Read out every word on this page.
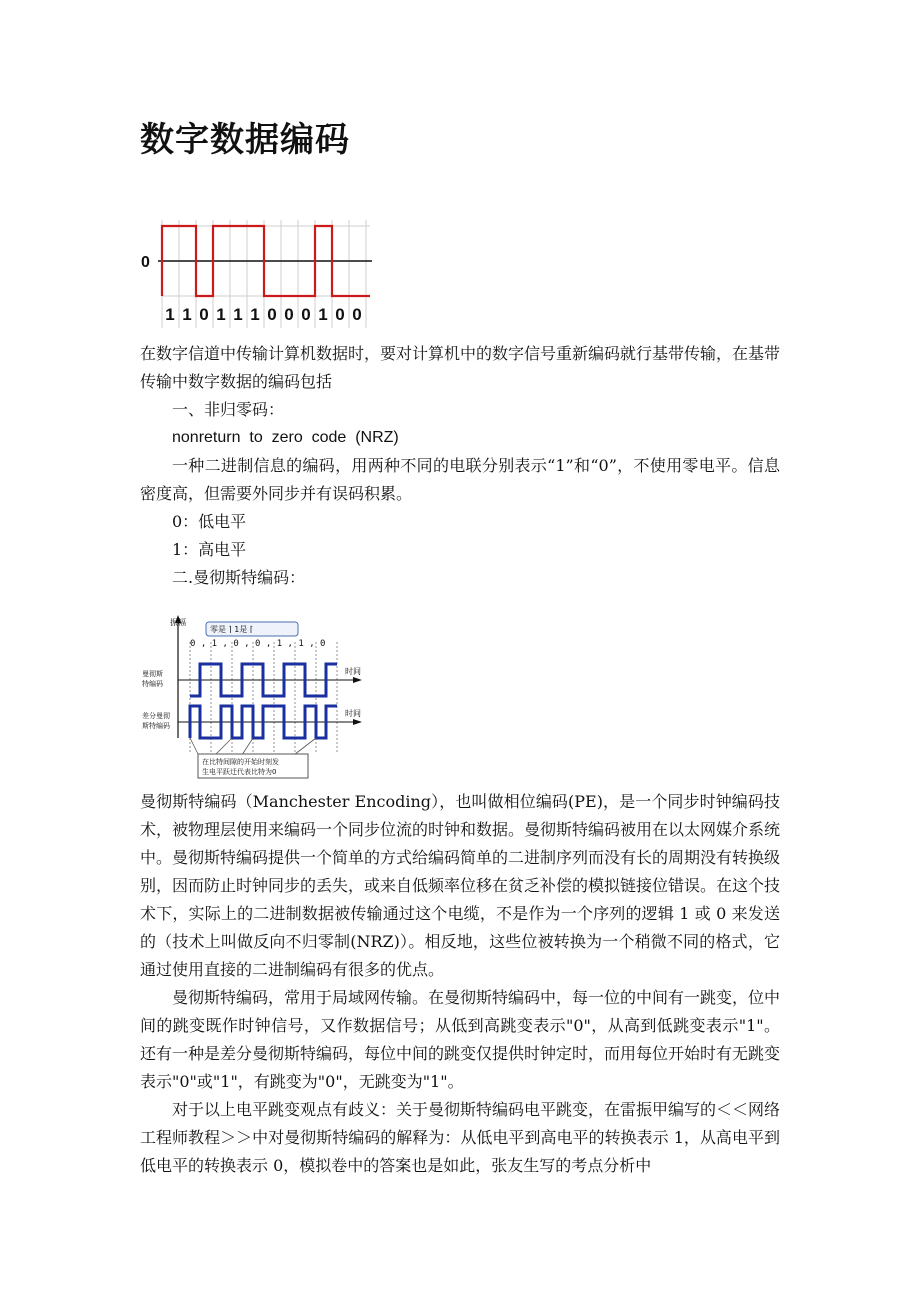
数字数据编码
0
1 1 0 1 1 1 0 0 0 1 0 0

在数字信道中传输计算机数据时，要对计算机中的数字信号重新编码就行基带传输，在基带传输中数字数据的编码包括

一、非归零码：
nonreturn  to  zero  code  (NRZ)

一种二进制信息的编码，用两种不同的电联分别表示“1”和“0”，不使用零电平。信息密度高，但需要外同步并有误码积累。

0：低电平
1：高电平
二.曼彻斯特编码：
振幅
零是 ⌉ 1是 ⌈
0 , 1 , 0 , 0 , 1 , 1 , 0
曼彻斯
特编码
时间
差分曼彻
斯特编码
时间
在比特间隙的开始时刻发
生电平跃迁代表比特为0

曼彻斯特编码（Manchester Encoding），也叫做相位编码(PE)，是一个同步时钟编码技术，被物理层使用来编码一个同步位流的时钟和数据。曼彻斯特编码被用在以太网媒介系统中。曼彻斯特编码提供一个简单的方式给编码简单的二进制序列而没有长的周期没有转换级别，因而防止时钟同步的丢失，或来自低频率位移在贫乏补偿的模拟链接位错误。在这个技术下，实际上的二进制数据被传输通过这个电缆，不是作为一个序列的逻辑 1 或 0 来发送的（技术上叫做反向不归零制(NRZ)）。相反地，这些位被转换为一个稍微不同的格式，它通过使用直接的二进制编码有很多的优点。

曼彻斯特编码，常用于局域网传输。在曼彻斯特编码中，每一位的中间有一跳变，位中间的跳变既作时钟信号，又作数据信号；从低到高跳变表示"0"，从高到低跳变表示"1"。还有一种是差分曼彻斯特编码，每位中间的跳变仅提供时钟定时，而用每位开始时有无跳变表示"0"或"1"，有跳变为"0"，无跳变为"1"。

对于以上电平跳变观点有歧义：关于曼彻斯特编码电平跳变，在雷振甲编写的＜＜网络工程师教程＞＞中对曼彻斯特编码的解释为：从低电平到高电平的转换表示 1，从高电平到低电平的转换表示 0，模拟卷中的答案也是如此，张友生写的考点分析中
